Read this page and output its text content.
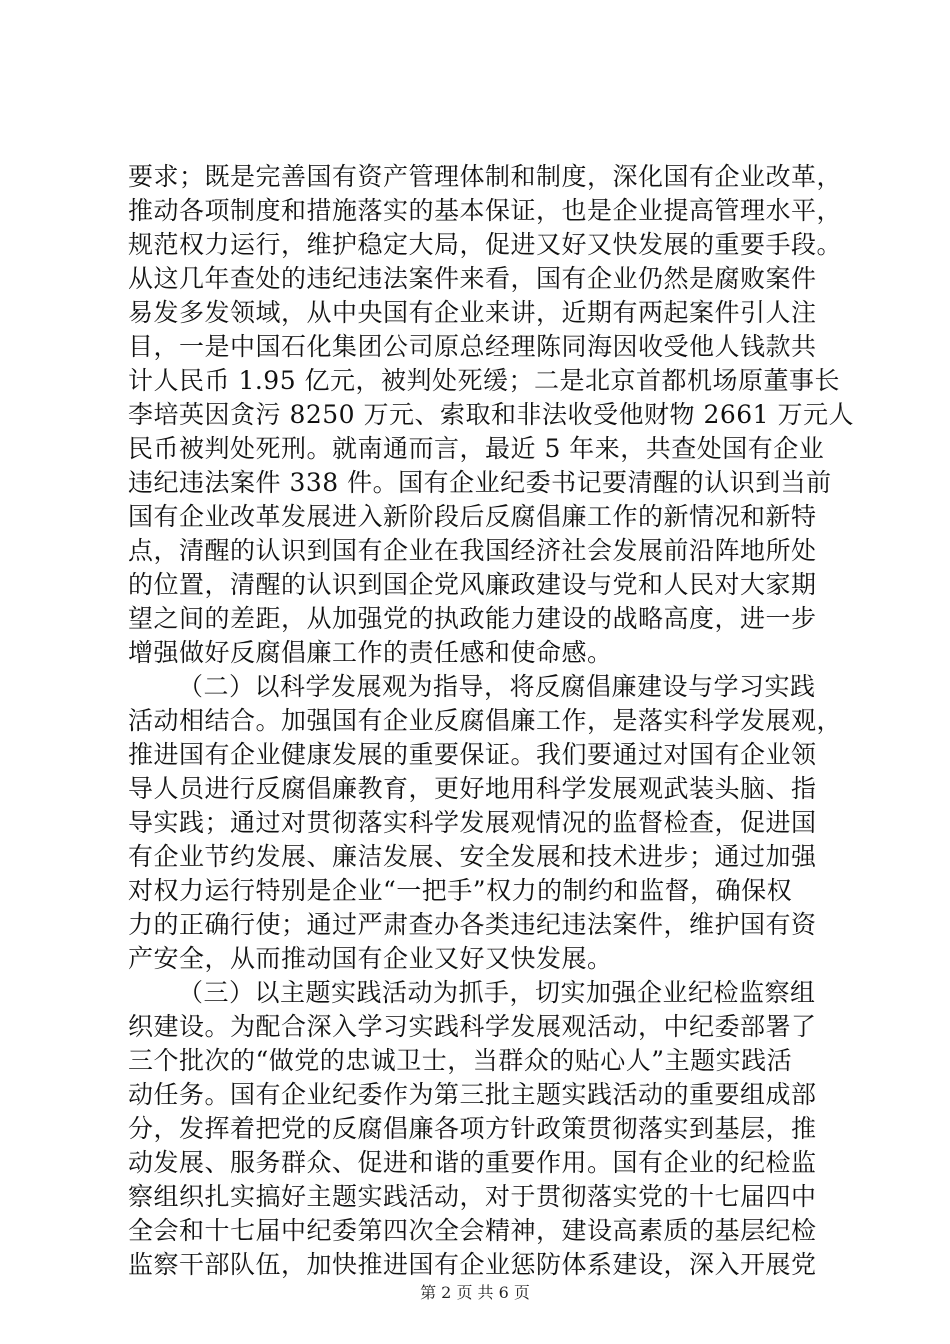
要求；既是完善国有资产管理体制和制度，深化国有企业改革，
推动各项制度和措施落实的基本保证，也是企业提高管理水平，
规范权力运行，维护稳定大局，促进又好又快发展的重要手段。
从这几年查处的违纪违法案件来看，国有企业仍然是腐败案件
易发多发领域，从中央国有企业来讲，近期有两起案件引人注
目，一是中国石化集团公司原总经理陈同海因收受他人钱款共
计人民币 1.95 亿元，被判处死缓；二是北京首都机场原董事长
李培英因贪污 8250 万元、索取和非法收受他财物 2661 万元人
民币被判处死刑。就南通而言，最近 5 年来，共查处国有企业
违纪违法案件 338 件。国有企业纪委书记要清醒的认识到当前
国有企业改革发展进入新阶段后反腐倡廉工作的新情况和新特
点，清醒的认识到国有企业在我国经济社会发展前沿阵地所处
的位置，清醒的认识到国企党风廉政建设与党和人民对大家期
望之间的差距，从加强党的执政能力建设的战略高度，进一步
增强做好反腐倡廉工作的责任感和使命感。
（二）以科学发展观为指导，将反腐倡廉建设与学习实践
活动相结合。加强国有企业反腐倡廉工作，是落实科学发展观，
推进国有企业健康发展的重要保证。我们要通过对国有企业领
导人员进行反腐倡廉教育，更好地用科学发展观武装头脑、指
导实践；通过对贯彻落实科学发展观情况的监督检查，促进国
有企业节约发展、廉洁发展、安全发展和技术进步；通过加强
对权力运行特别是企业“一把手”权力的制约和监督，确保权
力的正确行使；通过严肃查办各类违纪违法案件，维护国有资
产安全，从而推动国有企业又好又快发展。
（三）以主题实践活动为抓手，切实加强企业纪检监察组
织建设。为配合深入学习实践科学发展观活动，中纪委部署了
三个批次的“做党的忠诚卫士，当群众的贴心人”主题实践活
动任务。国有企业纪委作为第三批主题实践活动的重要组成部
分，发挥着把党的反腐倡廉各项方针政策贯彻落实到基层，推
动发展、服务群众、促进和谐的重要作用。国有企业的纪检监
察组织扎实搞好主题实践活动，对于贯彻落实党的十七届四中
全会和十七届中纪委第四次全会精神，建设高素质的基层纪检
监察干部队伍，加快推进国有企业惩防体系建设，深入开展党
第 2 页 共 6 页
